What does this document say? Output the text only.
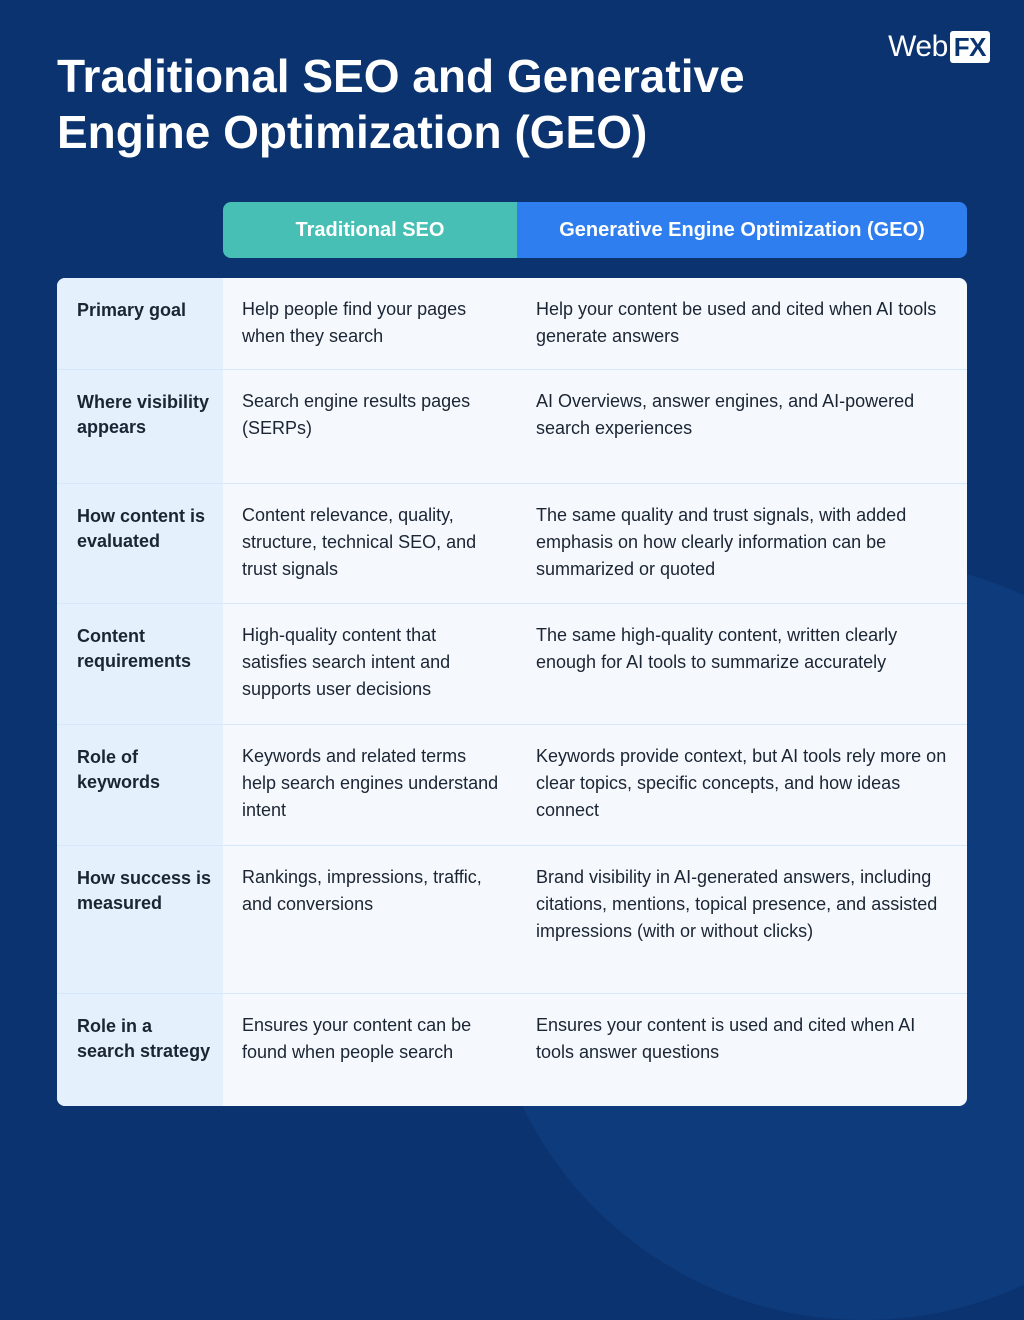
Web FX
Traditional SEO and Generative Engine Optimization (GEO)
Traditional SEO	Generative Engine Optimization (GEO)
Primary goal	Help people find your pages when they search
Help your content be used and cited when AI tools generate answers
Where visibility appears
Search engine results pages (SERPs)
AI Overviews, answer engines, and AI-powered search experiences
How content is evaluated
Content relevance, quality, structure, technical SEO, and trust signals
The same quality and trust signals, with added emphasis on how clearly information can be summarized or quoted
Content requirements
High-quality content that satisfies search intent and supports user decisions
The same high-quality content, written clearly enough for AI tools to summarize accurately
Role of keywords
Keywords and related terms help search engines understand intent
Keywords provide context, but AI tools rely more on clear topics, specific concepts, and how ideas connect
How success is measured
Rankings, impressions, traffic, and conversions
Brand visibility in AI-generated answers, including citations, mentions, topical presence, and assisted impressions (with or without clicks)
Role in a search strategy
Ensures your content can be found when people search
Ensures your content is used and cited when AI tools answer questions
